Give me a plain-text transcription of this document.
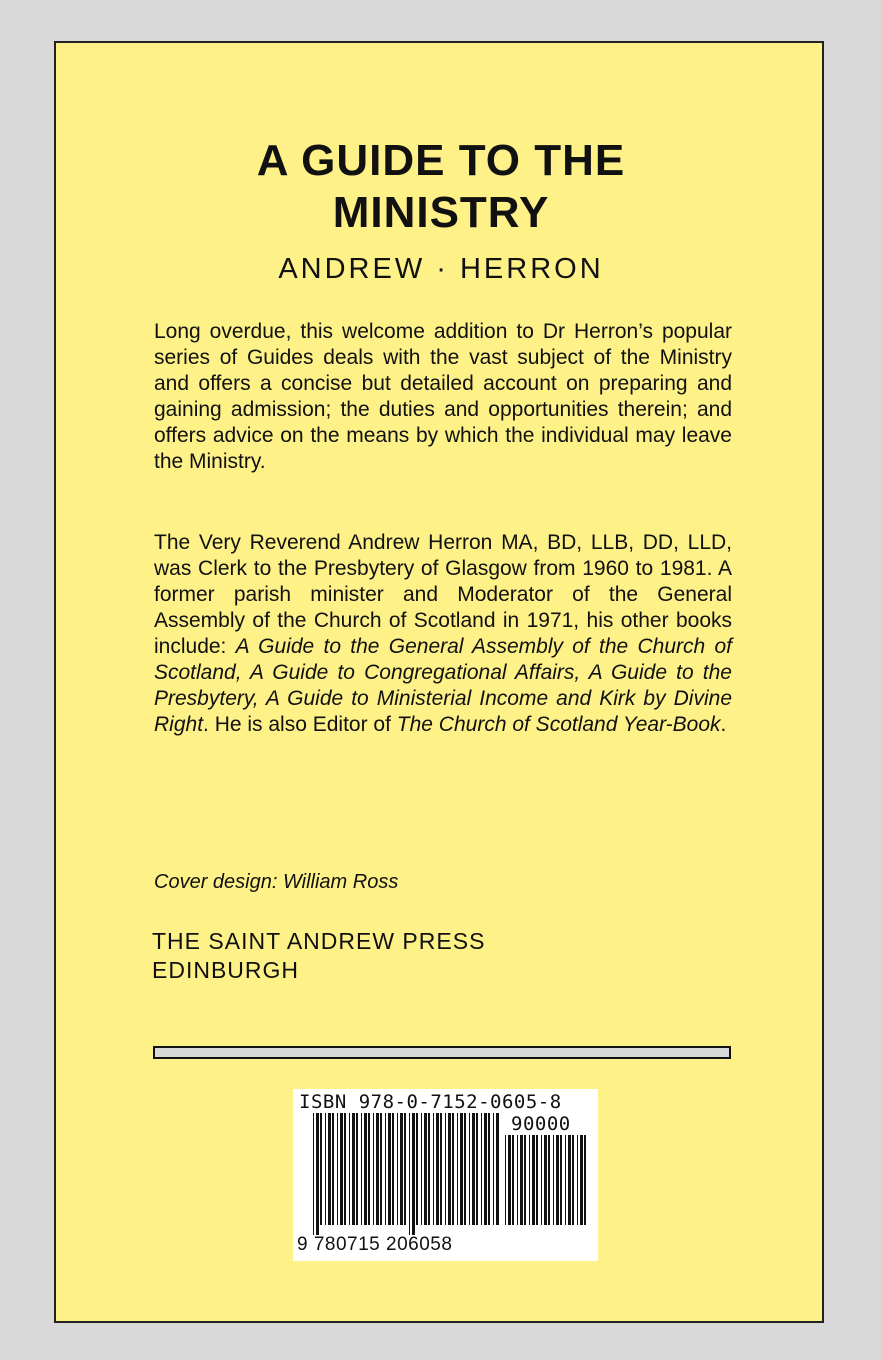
A GUIDE TO THE
MINISTRY
ANDREW · HERRON

Long overdue, this welcome addition to Dr Herron’s popular series of Guides deals with the vast subject of the Ministry and offers a concise but detailed account on preparing and gaining admission; the duties and opportunities therein; and offers advice on the means by which the individual may leave the Ministry.

The Very Reverend Andrew Herron MA, BD, LLB, DD, LLD, was Clerk to the Presbytery of Glasgow from 1960 to 1981. A former parish minister and Moderator of the General Assembly of the Church of Scotland in 1971, his other books include: A Guide to the General Assembly of the Church of Scotland, A Guide to Congregational Affairs, A Guide to the Presbytery, A Guide to Ministerial Income and Kirk by Divine Right. He is also Editor of The Church of Scotland Year-Book.

Cover design: William Ross
THE SAINT ANDREW PRESS
EDINBURGH
ISBN 978-0-7152-0605-8
90000
9 780715 206058
